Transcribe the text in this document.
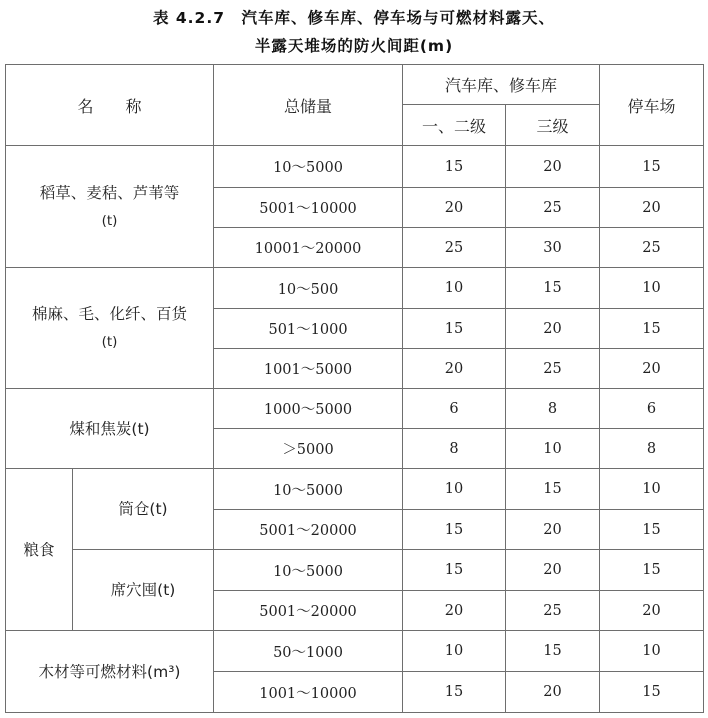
表 4.2.7　汽车库、修车库、停车场与可燃材料露天、
半露天堆场的防火间距(m)
名　　称		总储量	汽车库、修车库		停车场
			一、二级	三级	
稻草、麦秸、芦苇等
(t)		10～5000	15	20	15
		5001～10000	20	25	20
		10001～20000	25	30	25
棉麻、毛、化纤、百货
(t)		10～500	10	15	10
		501～1000	15	20	15
		1001～5000	20	25	20
煤和焦炭(t)		1000～5000	6	8	6
		＞5000	8	10	8
粮食	筒仓(t)	10～5000	10	15	10
		5001～20000	15	20	15
	席穴囤(t)	10～5000	15	20	15
		5001～20000	20	25	20
木材等可燃材料(m³)		50～1000	10	15	10
		1001～10000	15	20	15
